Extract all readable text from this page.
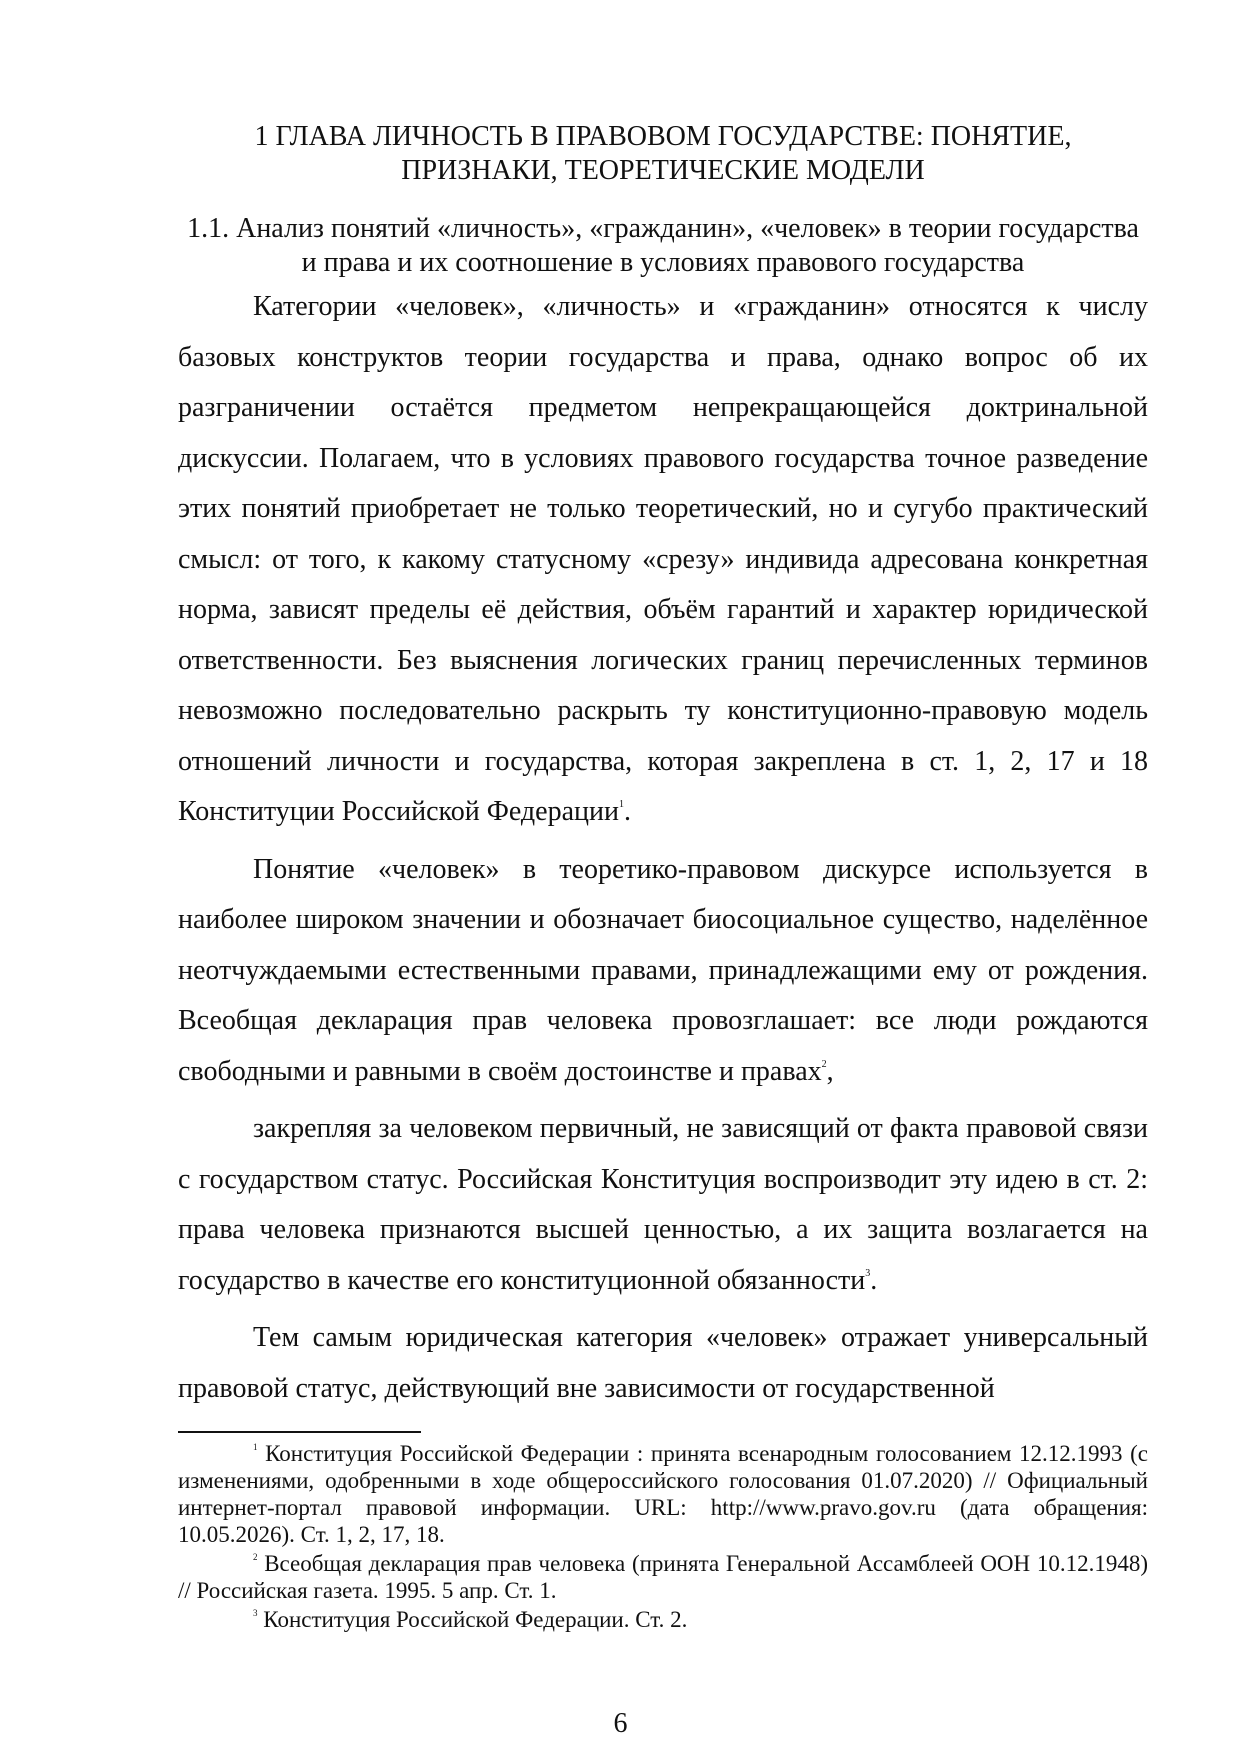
1 ГЛАВА ЛИЧНОСТЬ В ПРАВОВОМ ГОСУДАРСТВЕ: ПОНЯТИЕ, ПРИЗНАКИ, ТЕОРЕТИЧЕСКИЕ МОДЕЛИ
1.1. Анализ понятий «личность», «гражданин», «человек» в теории государства и права и их соотношение в условиях правового государства

Категории «человек», «личность» и «гражданин» относятся к числу базовых конструктов теории государства и права, однако вопрос об их разграничении остаётся предметом непрекращающейся доктринальной дискуссии. Полагаем, что в условиях правового государства точное разведение этих понятий приобретает не только теоретический, но и сугубо практический смысл: от того, к какому статусному «срезу» индивида адресована конкретная норма, зависят пределы её действия, объём гарантий и характер юридической ответственности. Без выяснения логических границ перечисленных терминов невозможно последовательно раскрыть ту конституционно-правовую модель отношений личности и государства, которая закреплена в ст. 1, 2, 17 и 18 Конституции Российской Федерации$^1$.

Понятие «человек» в теоретико-правовом дискурсе используется в наиболее широком значении и обозначает биосоциальное существо, наделённое неотчуждаемыми естественными правами, принадлежащими ему от рождения. Всеобщая декларация прав человека провозглашает: все люди рождаются свободными и равными в своём достоинстве и правах$^2$,

закрепляя за человеком первичный, не зависящий от факта правовой связи с государством статус. Российская Конституция воспроизводит эту идею в ст. 2: права человека признаются высшей ценностью, а их защита возлагается на государство в качестве его конституционной обязанности$^3$.

Тем самым юридическая категория «человек» отражает универсальный правовой статус, действующий вне зависимости от государственной

$^1$ Конституция Российской Федерации : принята всенародным голосованием 12.12.1993 (с изменениями, одобренными в ходе общероссийского голосования 01.07.2020) // Официальный интернет-портал правовой информации. URL: http://www.pravo.gov.ru (дата обращения: 10.05.2026). Ст. 1, 2, 17, 18.

$^2$ Всеобщая декларация прав человека (принята Генеральной Ассамблеей ООН 10.12.1948) // Российская газета. 1995. 5 апр. Ст. 1.

$^3$ Конституция Российской Федерации. Ст. 2.

6
